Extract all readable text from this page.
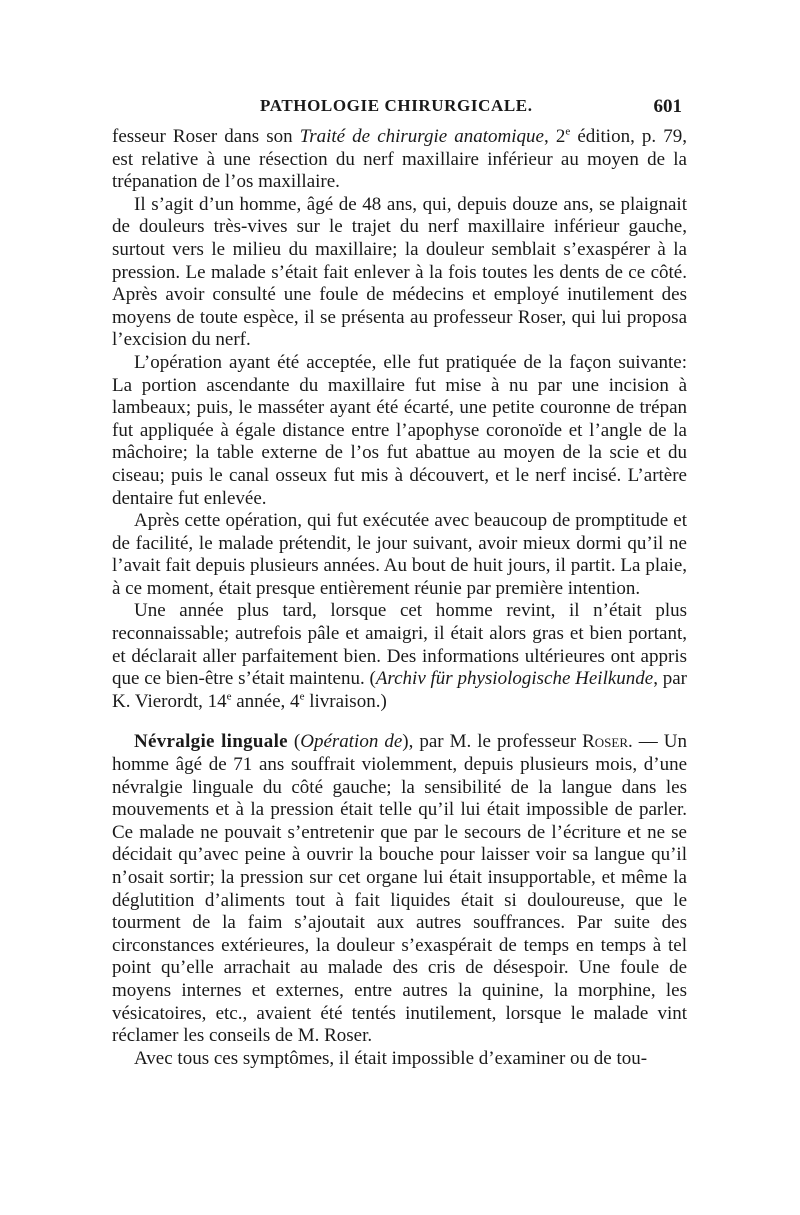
PATHOLOGIE CHIRURGICALE.	601

fesseur Roser dans son Traité de chirurgie anatomique, 2e édition, p. 79, est relative à une résection du nerf maxillaire inférieur au moyen de la trépanation de l’os maxillaire.

Il s’agit d’un homme, âgé de 48 ans, qui, depuis douze ans, se plaignait de douleurs très-vives sur le trajet du nerf maxillaire inférieur gauche, surtout vers le milieu du maxillaire; la douleur semblait s’exaspérer à la pression. Le malade s’était fait enlever à la fois toutes les dents de ce côté. Après avoir consulté une foule de médecins et employé inutilement des moyens de toute espèce, il se présenta au professeur Roser, qui lui proposa l’excision du nerf.

L’opération ayant été acceptée, elle fut pratiquée de la façon suivante: La portion ascendante du maxillaire fut mise à nu par une incision à lambeaux; puis, le masséter ayant été écarté, une petite couronne de trépan fut appliquée à égale distance entre l’apophyse coronoïde et l’angle de la mâchoire; la table externe de l’os fut abattue au moyen de la scie et du ciseau; puis le canal osseux fut mis à découvert, et le nerf incisé. L’artère dentaire fut enlevée.

Après cette opération, qui fut exécutée avec beaucoup de promptitude et de facilité, le malade prétendit, le jour suivant, avoir mieux dormi qu’il ne l’avait fait depuis plusieurs années. Au bout de huit jours, il partit. La plaie, à ce moment, était presque entièrement réunie par première intention.

Une année plus tard, lorsque cet homme revint, il n’était plus reconnaissable; autrefois pâle et amaigri, il était alors gras et bien portant, et déclarait aller parfaitement bien. Des informations ultérieures ont appris que ce bien-être s’était maintenu. (Archiv für physiologische Heilkunde, par K. Vierordt, 14e année, 4e livraison.)

Névralgie linguale (Opération de), par M. le professeur Roser. — Un homme âgé de 71 ans souffrait violemment, depuis plusieurs mois, d’une névralgie linguale du côté gauche; la sensibilité de la langue dans les mouvements et à la pression était telle qu’il lui était impossible de parler. Ce malade ne pouvait s’entretenir que par le secours de l’écriture et ne se décidait qu’avec peine à ouvrir la bouche pour laisser voir sa langue qu’il n’osait sortir; la pression sur cet organe lui était insupportable, et même la déglutition d’aliments tout à fait liquides était si douloureuse, que le tourment de la faim s’ajoutait aux autres souffrances. Par suite des circonstances extérieures, la douleur s’exaspérait de temps en temps à tel point qu’elle arrachait au malade des cris de désespoir. Une foule de moyens internes et externes, entre autres la quinine, la morphine, les vésicatoires, etc., avaient été tentés inutilement, lorsque le malade vint réclamer les conseils de M. Roser.

Avec tous ces symptômes, il était impossible d’examiner ou de tou-
